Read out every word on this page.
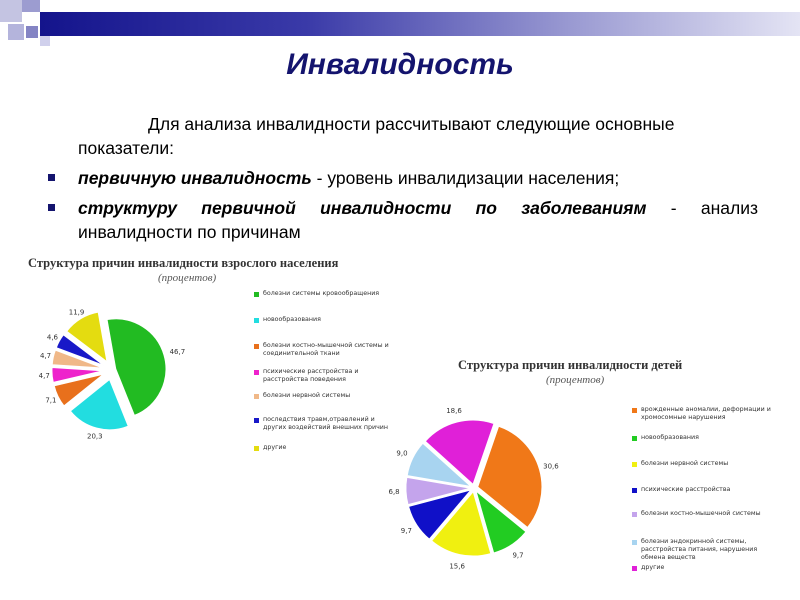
Инвалидность
Для анализа инвалидности рассчитывают следующие основные показатели:
первичную инвалидность - уровень инвалидизации населения;
структуру первичной инвалидности по заболеваниям - анализ инвалидности по причинам
Структура причин инвалидности взрослого населения
(процентов)
Структура причин инвалидности детей
(процентов)
46,7
20,3
7,1
4,7
4,7
4,6
11,9
30,6
9,7
15,6
9,7
6,8
9,0
18,6
болезни системы кровообращения
новообразования
болезни костно-мышечной системы и соединительной ткани
психические расстройства и расстройства поведения
болезни нервной системы
последствия травм,отравлений и других воздействий внешних причин
другие
врожденные аномалии, деформации и хромосомные нарушения
новообразования
болезни нервной системы
психические расстройства
болезни костно-мышечной системы
болезни эндокринной системы, расстройства питания, нарушения обмена веществ
другие
